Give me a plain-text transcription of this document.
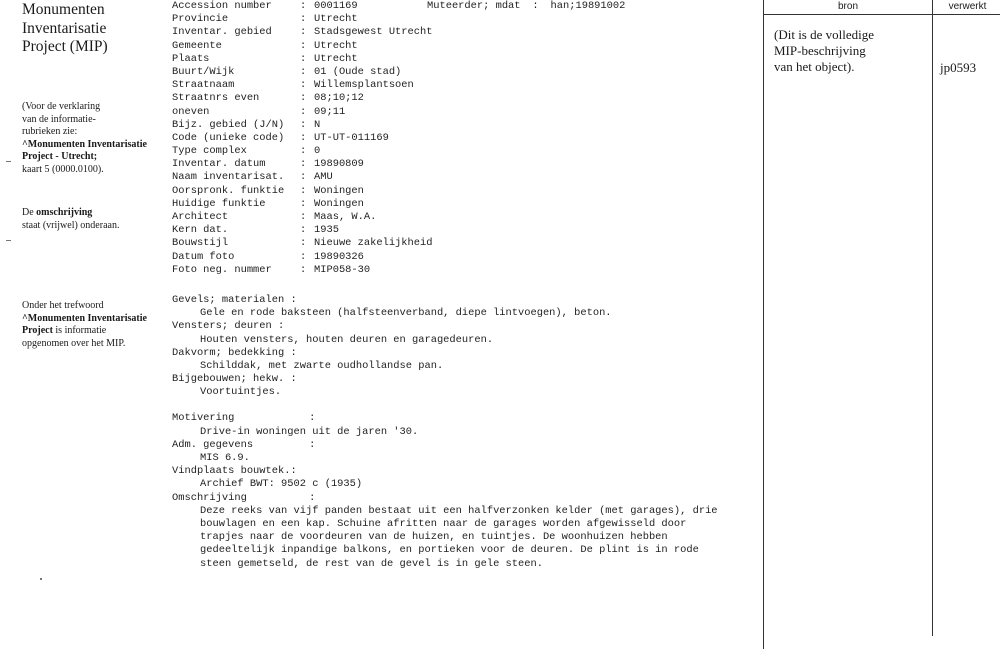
Monumenten
Inventarisatie
Project (MIP)
(Voor de verklaring
van de informatie-
rubrieken zie:
^Monumenten Inventarisatie
Project - Utrecht;
kaart 5 (0000.0100).
De omschrijving
staat (vrijwel) onderaan.
Onder het trefwoord
^Monumenten Inventarisatie
Project is informatie
opgenomen over het MIP.
Muteerder; mdat : han;19891002
Accession number	: 0001169
Provincie	: Utrecht
Inventar. gebied	: Stadsgewest Utrecht
Gemeente	: Utrecht
Plaats	: Utrecht
Buurt/Wijk	: 01 (Oude stad)
Straatnaam	: Willemsplantsoen
Straatnrs even	: 08;10;12
oneven	: 09;11
Bijz. gebied (J/N)	: N
Code (unieke code)	: UT-UT-011169
Type complex	: 0
Inventar. datum	: 19890809
Naam inventarisat.	: AMU
Oorspronk. funktie	: Woningen
Huidige funktie	: Woningen
Architect	: Maas, W.A.
Kern dat.	: 1935
Bouwstijl	: Nieuwe zakelijkheid
Datum foto	: 19890326
Foto neg. nummer	: MIP058-30
Gevels; materialen :
Gele en rode baksteen (halfsteenverband, diepe lintvoegen), beton.
Vensters; deuren :
Houten vensters, houten deuren en garagedeuren.
Dakvorm; bedekking :
Schilddak, met zwarte oudhollandse pan.
Bijgebouwen; hekw. :
Voortuintjes.
Motivering            :
Drive-in woningen uit de jaren '30.
Adm. gegevens         :
MIS 6.9.
Vindplaats bouwtek.:
Archief BWT: 9502 c (1935)
Omschrijving          :
Deze reeks van vijf panden bestaat uit een halfverzonken kelder (met garages), drie bouwlagen en een kap. Schuine afritten naar de garages worden afgewisseld door trapjes naar de voordeuren van de huizen, en tuintjes. De woonhuizen hebben gedeeltelijk inpandige balkons, en portieken voor de deuren. De plint is in rode steen gemetseld, de rest van de gevel is in gele steen.
bron	verwerkt
(Dit is de volledige
MIP-beschrijving
van het object).	jp0593
